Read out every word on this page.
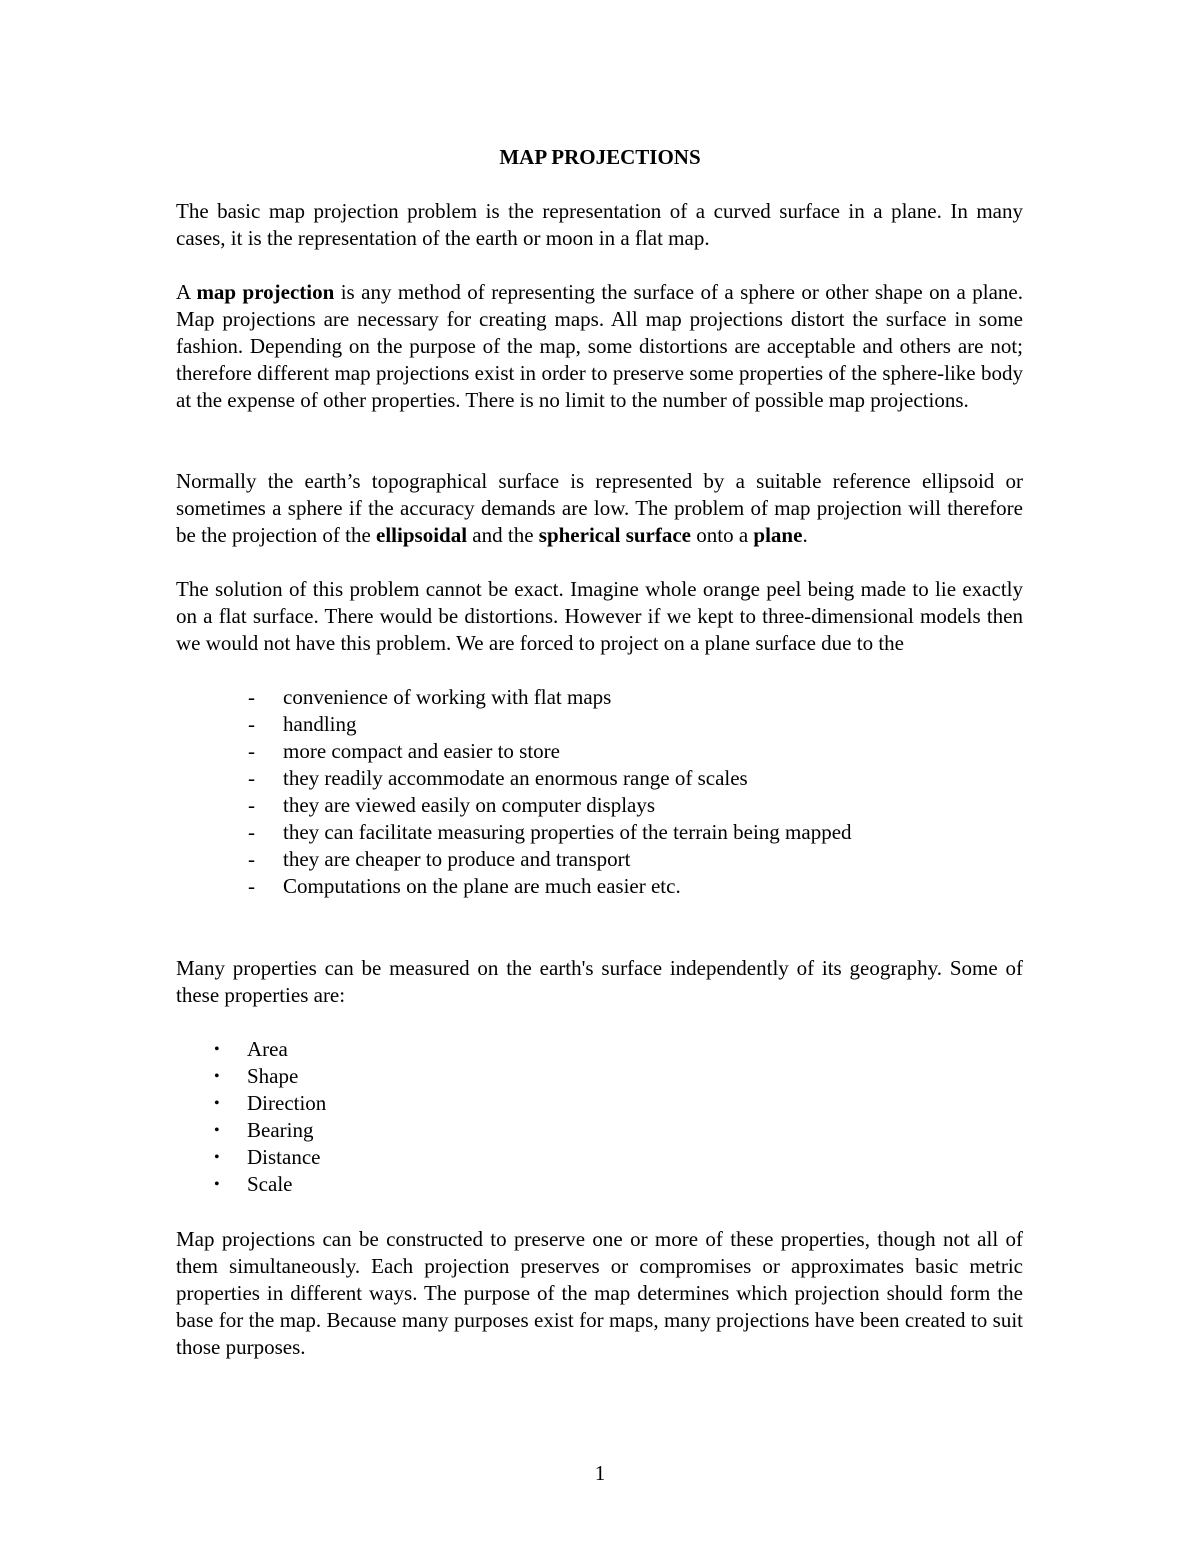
MAP PROJECTIONS

The basic map projection problem is the representation of a curved surface in a plane. In many cases, it is the representation of the earth or moon in a flat map.

A map projection is any method of representing the surface of a sphere or other shape on a plane. Map projections are necessary for creating maps. All map projections distort the surface in some fashion. Depending on the purpose of the map, some distortions are acceptable and others are not; therefore different map projections exist in order to preserve some properties of the sphere-like body at the expense of other properties. There is no limit to the number of possible map projections.

Normally the earth’s topographical surface is represented by a suitable reference ellipsoid or sometimes a sphere if the accuracy demands are low. The problem of map projection will therefore be the projection of the ellipsoidal and the spherical surface onto a plane.

The solution of this problem cannot be exact. Imagine whole orange peel being made to lie exactly on a flat surface. There would be distortions. However if we kept to three-dimensional models then we would not have this problem. We are forced to project on a plane surface due to the

- convenience of working with flat maps
- handling
- more compact and easier to store
- they readily accommodate an enormous range of scales
- they are viewed easily on computer displays
- they can facilitate measuring properties of the terrain being mapped
- they are cheaper to produce and transport
- Computations on the plane are much easier etc.

Many properties can be measured on the earth's surface independently of its geography. Some of these properties are:

• Area
• Shape
• Direction
• Bearing
• Distance
• Scale

Map projections can be constructed to preserve one or more of these properties, though not all of them simultaneously. Each projection preserves or compromises or approximates basic metric properties in different ways. The purpose of the map determines which projection should form the base for the map. Because many purposes exist for maps, many projections have been created to suit those purposes.

1
